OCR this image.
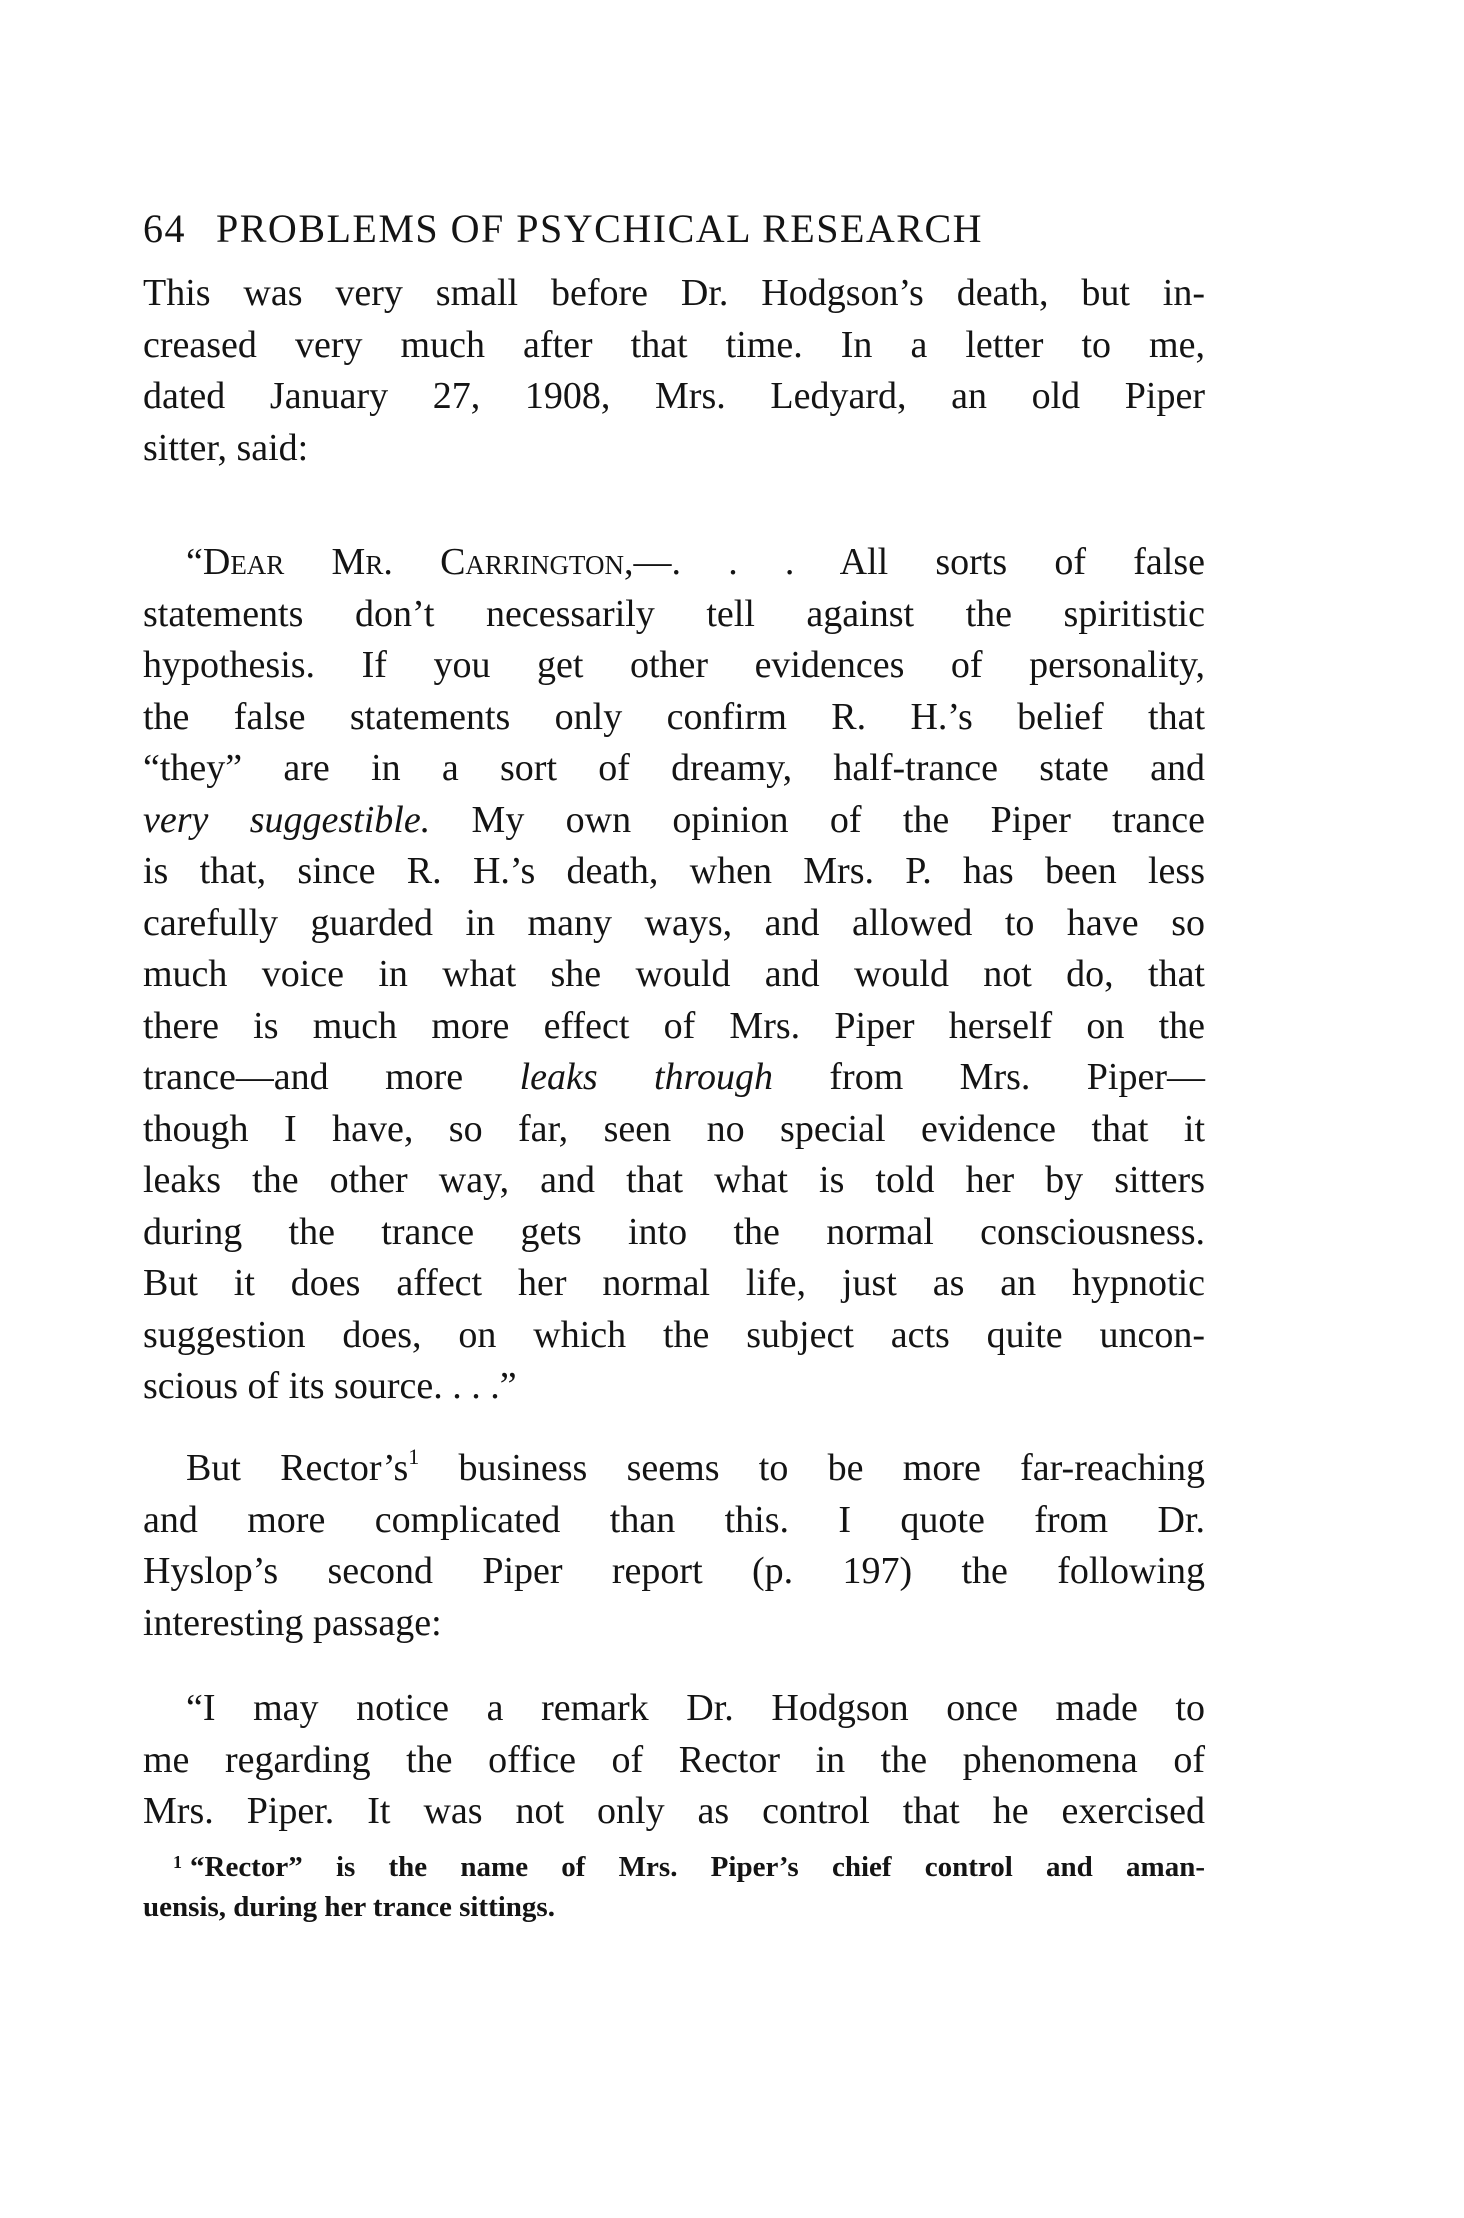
64 PROBLEMS OF PSYCHICAL RESEARCH
This was very small before Dr. Hodgson’s death, but in-
creased very much after that time. In a letter to me,
dated January 27, 1908, Mrs. Ledyard, an old Piper
sitter, said:
“Dear Mr. Carrington,—. . . All sorts of false
statements don’t necessarily tell against the spiritistic
hypothesis. If you get other evidences of personality,
the false statements only confirm R. H.’s belief that
“they” are in a sort of dreamy, half-trance state and
very suggestible. My own opinion of the Piper trance
is that, since R. H.’s death, when Mrs. P. has been less
carefully guarded in many ways, and allowed to have so
much voice in what she would and would not do, that
there is much more effect of Mrs. Piper herself on the
trance—and more leaks through from Mrs. Piper—
though I have, so far, seen no special evidence that it
leaks the other way, and that what is told her by sitters
during the trance gets into the normal consciousness.
But it does affect her normal life, just as an hypnotic
suggestion does, on which the subject acts quite uncon-
scious of its source. . . .”
But Rector’s$^1$ business seems to be more far-reaching
and more complicated than this. I quote from Dr.
Hyslop’s second Piper report (p. 197) the following
interesting passage:
“I may notice a remark Dr. Hodgson once made to
me regarding the office of Rector in the phenomena of
Mrs. Piper. It was not only as control that he exercised
$^1$ “Rector” is the name of Mrs. Piper’s chief control and aman-
uensis, during her trance sittings.
